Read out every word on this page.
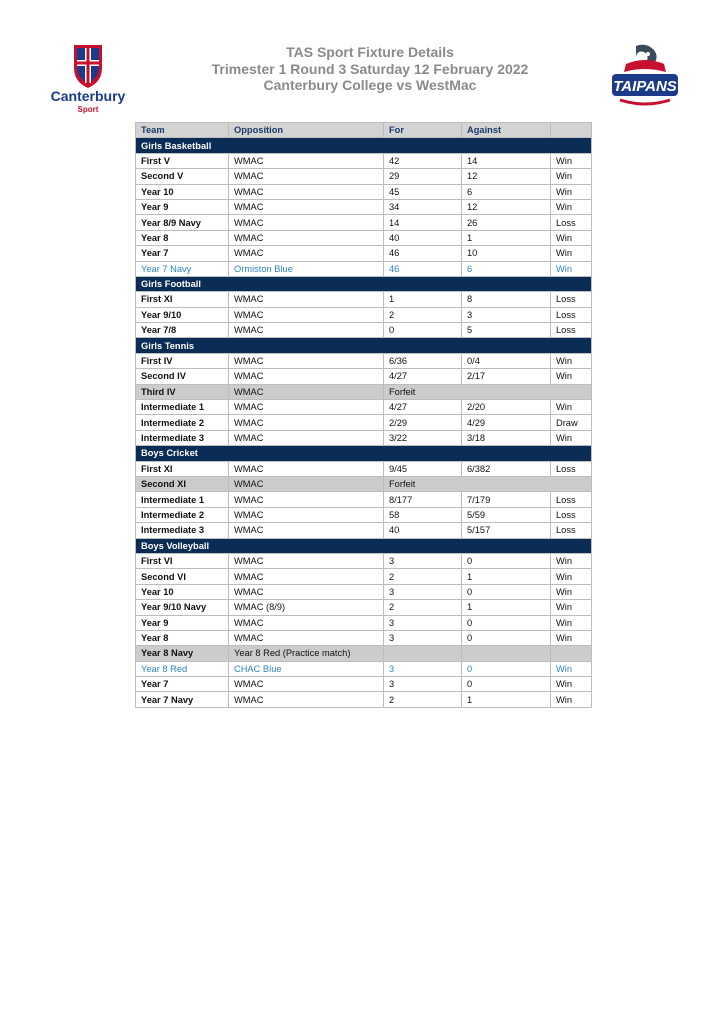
Canterbury
Sport
TAIPANS
TAS Sport Fixture Details
Trimester 1 Round 3 Saturday 12 February 2022
Canterbury College vs WestMac
Team	Opposition	For	Against	
Girls Basketball				
First V	WMAC	42	14	Win
Second V	WMAC	29	12	Win
Year 10	WMAC	45	6	Win
Year 9	WMAC	34	12	Win
Year 8/9 Navy	WMAC	14	26	Loss
Year 8	WMAC	40	1	Win
Year 7	WMAC	46	10	Win
Year 7 Navy	Ormiston Blue	46	6	Win
Girls Football				
First XI	WMAC	1	8	Loss
Year 9/10	WMAC	2	3	Loss
Year 7/8	WMAC	0	5	Loss
Girls Tennis				
First IV	WMAC	6/36	0/4	Win
Second IV	WMAC	4/27	2/17	Win
Third IV	WMAC	Forfeit		
Intermediate 1	WMAC	4/27	2/20	Win
Intermediate 2	WMAC	2/29	4/29	Draw
Intermediate 3	WMAC	3/22	3/18	Win
Boys Cricket				
First XI	WMAC	9/45	6/382	Loss
Second XI	WMAC	Forfeit		
Intermediate 1	WMAC	8/177	7/179	Loss
Intermediate 2	WMAC	58	5/59	Loss
Intermediate 3	WMAC	40	5/157	Loss
Boys Volleyball				
First VI	WMAC	3	0	Win
Second VI	WMAC	2	1	Win
Year 10	WMAC	3	0	Win
Year 9/10 Navy	WMAC (8/9)	2	1	Win
Year 9	WMAC	3	0	Win
Year 8	WMAC	3	0	Win
Year 8 Navy	Year 8 Red (Practice match)			
Year 8 Red	CHAC Blue	3	0	Win
Year 7	WMAC	3	0	Win
Year 7 Navy	WMAC	2	1	Win
